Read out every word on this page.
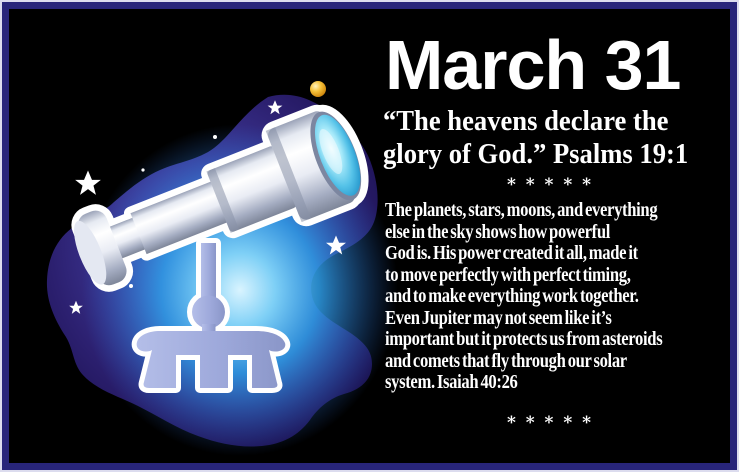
March 31
“The heavens declare the
glory of God.” Psalms 19:1
* * * * *
The planets, stars, moons, and everything
else in the sky shows how powerful
God is. His power created it all, made it
to move perfectly with perfect timing,
and to make everything work together.
Even Jupiter may not seem like it’s
important but it protects us from asteroids
and comets that fly through our solar
system. Isaiah 40:26
* * * * *
